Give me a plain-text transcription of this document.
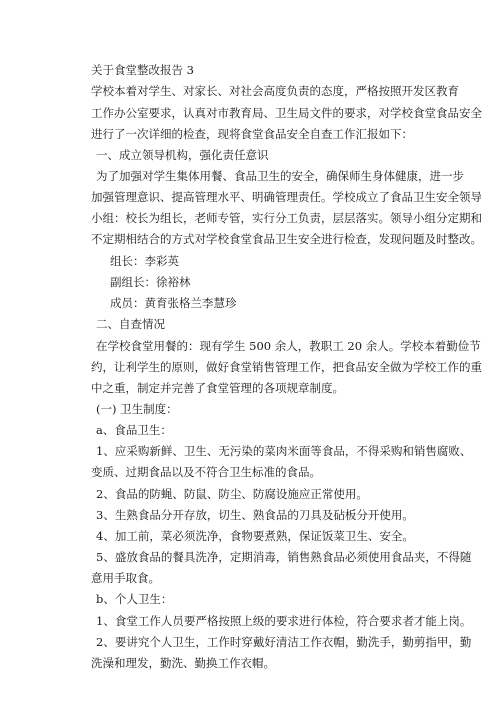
关于食堂整改报告 3
学校本着对学生、对家长、对社会高度负责的态度，严格按照开发区教育
工作办公室要求，认真对市教育局、卫生局文件的要求，对学校食堂食品安全
进行了一次详细的检查，现将食堂食品安全自查工作汇报如下：
一、成立领导机构，强化责任意识
为了加强对学生集体用餐、食品卫生的安全，确保师生身体健康，进一步
加强管理意识、提高管理水平、明确管理责任。学校成立了食品卫生安全领导
小组：校长为组长，老师专管，实行分工负责，层层落实。领导小组分定期和
不定期相结合的方式对学校食堂食品卫生安全进行检查，发现问题及时整改。
组长：李彩英
副组长：徐裕林
成员：黄育张格兰李慧珍
二、自查情况
在学校食堂用餐的：现有学生 500 余人，教职工 20 余人。学校本着勤俭节
约，让利学生的原则，做好食堂销售管理工作，把食品安全做为学校工作的重
中之重，制定并完善了食堂管理的各项规章制度。
(一) 卫生制度：
a、食品卫生：
1、应采购新鲜、卫生、无污染的菜肉米面等食品，不得采购和销售腐败、
变质、过期食品以及不符合卫生标准的食品。
2、食品的防蝇、防鼠、防尘、防腐设施应正常使用。
3、生熟食品分开存放，切生、熟食品的刀具及砧板分开使用。
4、加工前，菜必须洗净，食物要煮熟，保证饭菜卫生、安全。
5、盛放食品的餐具洗净，定期消毒，销售熟食品必须使用食品夹，不得随
意用手取食。
b、个人卫生：
1、食堂工作人员要严格按照上级的要求进行体检，符合要求者才能上岗。
2、要讲究个人卫生，工作时穿戴好清洁工作衣帽，勤洗手，勤剪指甲，勤
洗澡和理发，勤洗、勤换工作衣帽。
